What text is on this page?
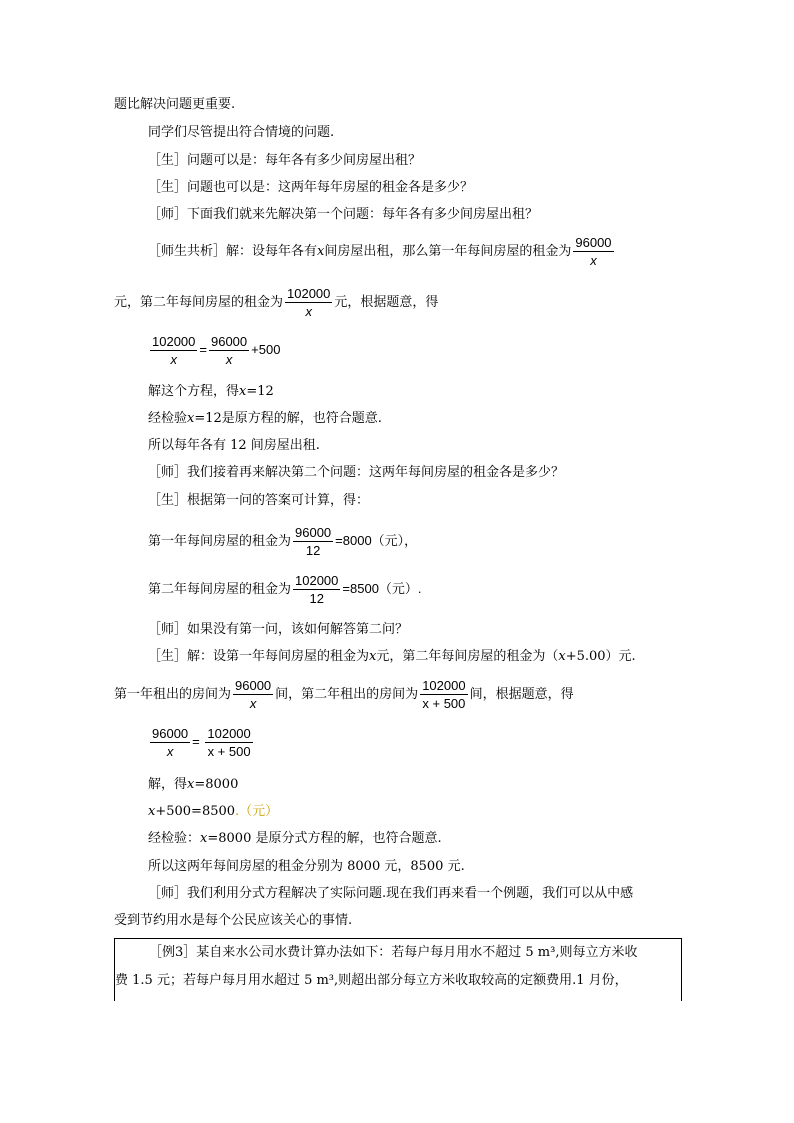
题比解决问题更重要.
同学们尽管提出符合情境的问题.
［生］问题可以是：每年各有多少间房屋出租？
［生］问题也可以是：这两年每年房屋的租金各是多少？
［师］下面我们就来先解决第一个问题：每年各有多少间房屋出租？
［师生共析］解：设每年各有x间房屋出租，那么第一年每间房屋的租金为 $\frac{96000}{x}$
元，第二年每间房屋的租金为 $\frac{102000}{x}$ 元，根据题意，得
$\frac{102000}{x} = \frac{96000}{x} +500$
解这个方程，得x=12
经检验x=12是原方程的解，也符合题意.
所以每年各有 12 间房屋出租.
［师］我们接着再来解决第二个问题：这两年每间房屋的租金各是多少？
［生］根据第一问的答案可计算，得：
第一年每间房屋的租金为 $\frac{96000}{12} =8000$（元），
第二年每间房屋的租金为 $\frac{102000}{12} =8500$（元）.
［师］如果没有第一问，该如何解答第二问？
［生］解：设第一年每间房屋的租金为x元，第二年每间房屋的租金为（x+5.00）元.
第一年租出的房间为 $\frac{96000}{x}$ 间，第二年租出的房间为 $\frac{102000}{x + 500}$ 间，根据题意，得
$\frac{96000}{x} = \frac{102000}{x + 500}$
解，得x=8000
x+500=8500.（元）
经检验：x=8000 是原分式方程的解，也符合题意.
所以这两年每间房屋的租金分别为 8000 元，8500 元.
［师］我们利用分式方程解决了实际问题.现在我们再来看一个例题，我们可以从中感
受到节约用水是每个公民应该关心的事情.
［例3］某自来水公司水费计算办法如下：若每户每月用水不超过 5 m³,则每立方米收
费 1.5 元；若每户每月用水超过 5 m³,则超出部分每立方米收取较高的定额费用.1 月份，
